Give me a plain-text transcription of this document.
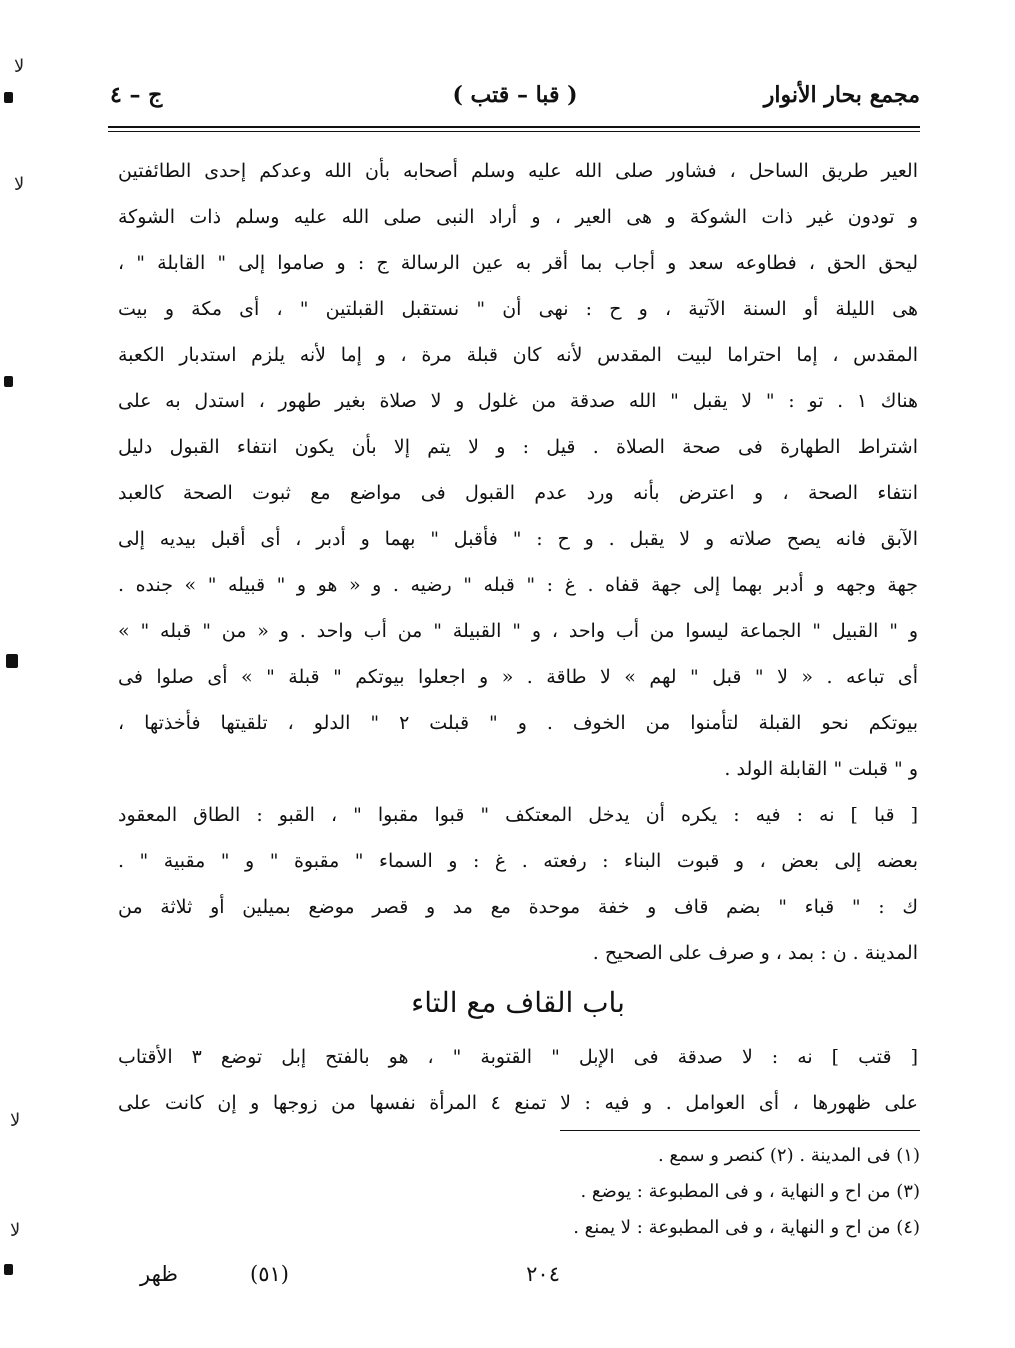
ﻻ
ﻻ
ﻻ
ﻻ
مجمع بحار الأنوار
( قبا – قتب )
ج – ٤
العير طريق الساحل ، فشاور صلى الله عليه وسلم أصحابه بأن الله وعدكم إحدى الطائفتين
و تودون غير ذات الشوكة و هى العير ، و أراد النبى صلى الله عليه وسلم ذات الشوكة
ليحق الحق ، فطاوعه سعد و أجاب بما أقر به عين الرسالة ج : و صاموا إلى " القابلة " ،
هى الليلة أو السنة الآتية ، و ح : نهى أن " نستقبل القبلتين " ، أى مكة و بيت
المقدس ، إما احتراما لبيت المقدس لأنه كان قبلة مرة ، و إما لأنه يلزم استدبار الكعبة
هناك ١ . تو : " لا يقبل " الله صدقة من غلول و لا صلاة بغير طهور ، استدل به على
اشتراط الطهارة فى صحة الصلاة . قيل : و لا يتم إلا بأن يكون انتفاء القبول دليل
انتفاء الصحة ، و اعترض بأنه ورد عدم القبول فى مواضع مع ثبوت الصحة كالعبد
الآبق فانه يصح صلاته و لا يقبل . و ح : " فأقبل " بهما و أدبر ، أى أقبل بيديه إلى
جهة وجهه و أدبر بهما إلى جهة قفاه . غ : " قبله " رضيه . و « هو و " قبيله " » جنده .
و " القبيل " الجماعة ليسوا من أب واحد ، و " القبيلة " من أب واحد . و « من " قبله " »
أى تباعه . « لا " قبل " لهم » لا طاقة . « و اجعلوا بيوتكم " قبلة " » أى صلوا فى
بيوتكم نحو القبلة لتأمنوا من الخوف . و " قبلت ٢ " الدلو ، تلقيتها فأخذتها ،
و " قبلت " القابلة الولد .
[ قبا ] نه : فيه : يكره أن يدخل المعتكف " قبوا مقبوا " ، القبو : الطاق المعقود
بعضه إلى بعض ، و قبوت البناء : رفعته . غ : و السماء " مقبوة " و " مقبية " .
ك : " قباء " بضم قاف و خفة موحدة مع مد و قصر موضع بميلين أو ثلاثة من
المدينة . ن : بمد ، و صرف على الصحيح .
باب القاف مع التاء
[ قتب ] نه : لا صدقة فى الإبل " القتوبة " ، هو بالفتح إبل توضع ٣ الأقتاب
على ظهورها ، أى العوامل . و فيه : لا تمنع ٤ المرأة نفسها من زوجها و إن كانت على
(١) فى المدينة . (٢) كنصر و سمع .
(٣) من اح و النهاية ، و فى المطبوعة : يوضع .
(٤) من اح و النهاية ، و فى المطبوعة : لا يمنع .
٢٠٤
(٥١)
ظهر
